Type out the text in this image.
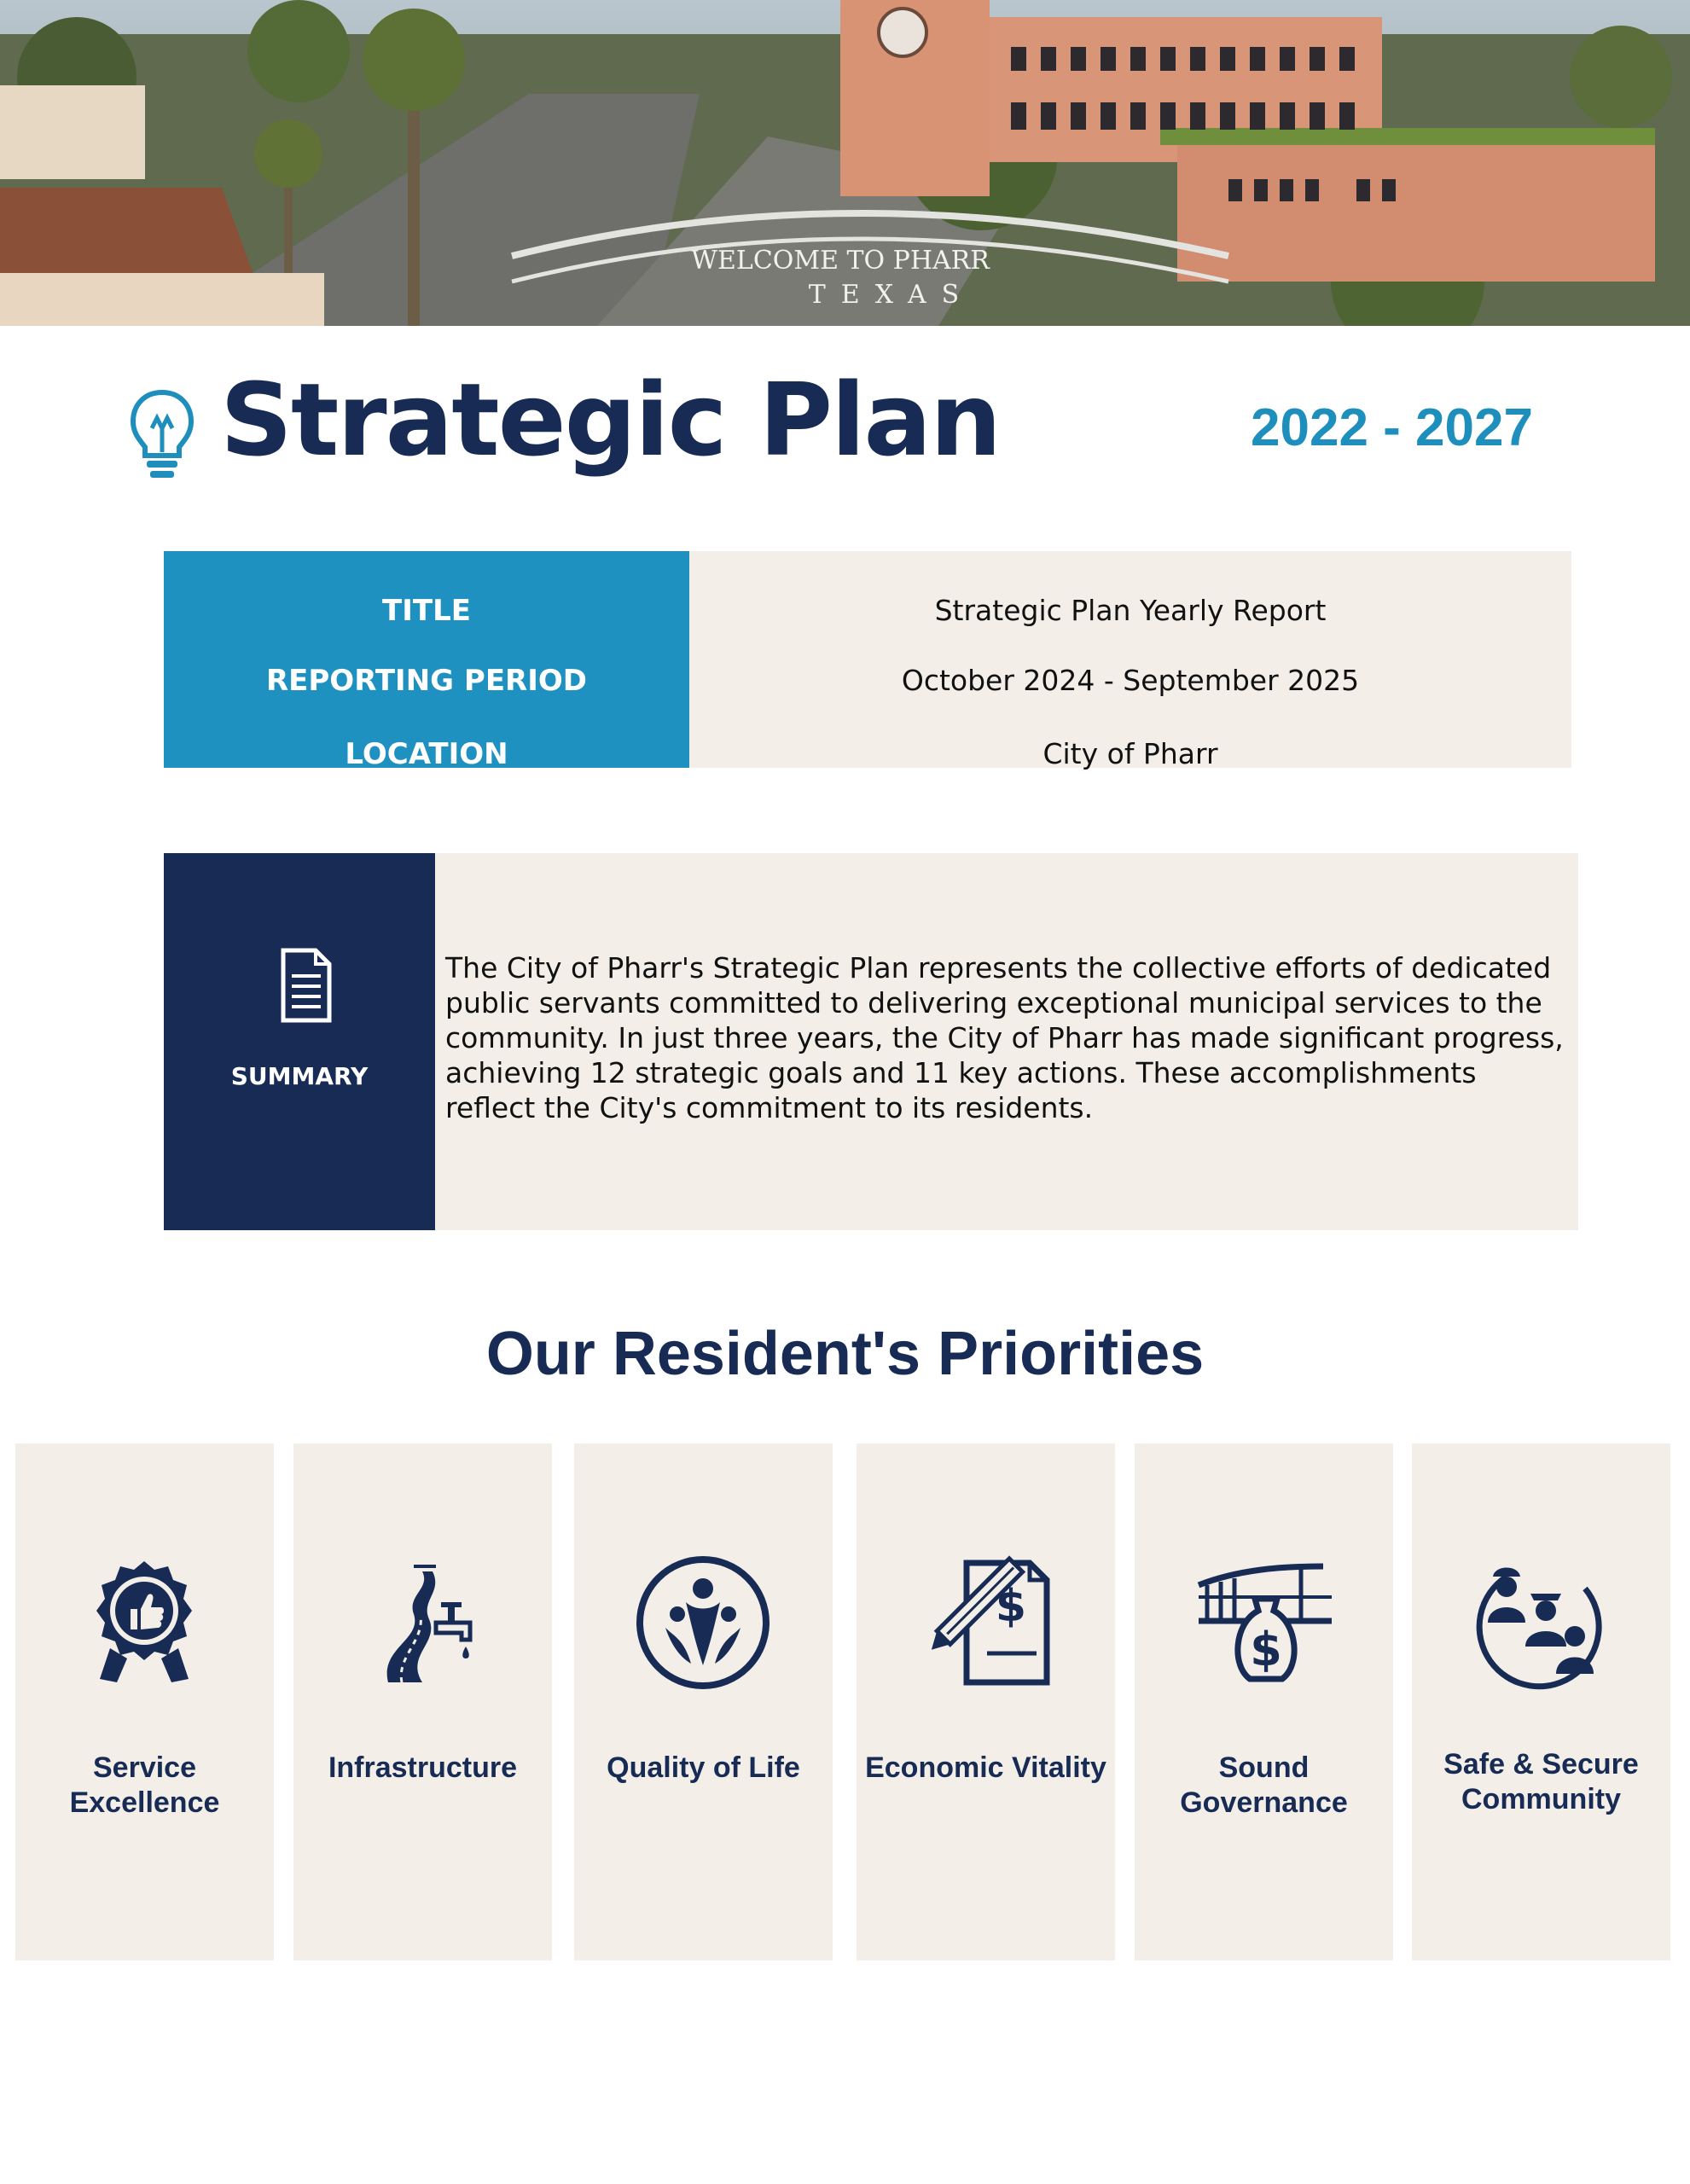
WELCOME TO PHARR
TEXAS
Strategic Plan	2022 - 2027
TITLE
REPORTING PERIOD
LOCATION
Strategic Plan Yearly Report
October 2024 - September 2025
City of Pharr
SUMMARY

The City of Pharr's Strategic Plan represents the collective efforts of dedicated public servants committed to delivering exceptional municipal services to the community. In just three years, the City of Pharr has made significant progress, achieving 12 strategic goals and 11 key actions. These accomplishments reflect the City's commitment to its residents.

Our Resident's Priorities
Service Excellence
Infrastructure	Quality of Life
$
Economic Vitality
$
Sound Governance
Safe & Secure Community
